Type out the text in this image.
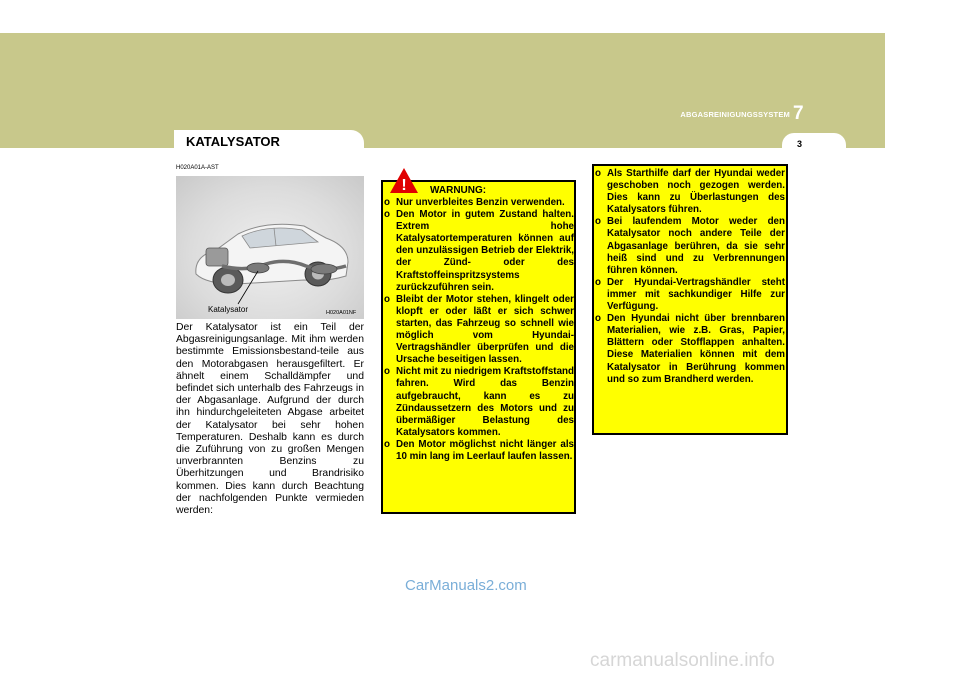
ABGASREINIGUNGSSYSTEM 7
3
KATALYSATOR
H020A01A-AST
Katalysator	H020A01NF
Der Katalysator ist ein Teil der Abgasreinigungsanlage. Mit ihm werden bestimmte Emissionsbestand-teile aus den Motorabgasen herausgefiltert. Er ähnelt einem Schalldämpfer und befindet sich unterhalb des Fahrzeugs in der Abgasanlage. Aufgrund der durch ihn hindurchgeleiteten Abgase arbeitet der Katalysator bei sehr hohen Temperaturen. Deshalb kann es durch die Zuführung von zu großen Mengen unverbrannten Benzins zu Überhitzungen und Brandrisiko kommen. Dies kann durch Beachtung der nachfolgenden Punkte vermieden werden:
! WARNUNG:
o Nur unverbleites Benzin verwenden.
o Den Motor in gutem Zustand halten. Extrem hohe Katalysatortemperaturen können auf den unzulässigen Betrieb der Elektrik, der Zünd- oder des Kraftstoffeinspritzsystems zurückzuführen sein.
o Bleibt der Motor stehen, klingelt oder klopft er oder läßt er sich schwer starten, das Fahrzeug so schnell wie möglich vom Hyundai-Vertragshändler überprüfen und die Ursache beseitigen lassen.
o Nicht mit zu niedrigem Kraftstoffstand fahren. Wird das Benzin aufgebraucht, kann es zu Zündaussetzern des Motors und zu übermäßiger Belastung des Katalysators kommen.
o Den Motor möglichst nicht länger als 10 min lang im Leerlauf laufen lassen.
o Als Starthilfe darf der Hyundai weder geschoben noch gezogen werden. Dies kann zu Überlastungen des Katalysators führen.
o Bei laufendem Motor weder den Katalysator noch andere Teile der Abgasanlage berühren, da sie sehr heiß sind und zu Verbrennungen führen können.
o Der Hyundai-Vertragshändler steht immer mit sachkundiger Hilfe zur Verfügung.
o Den Hyundai nicht über brennbaren Materialien, wie z.B. Gras, Papier, Blättern oder Stofflappen anhalten. Diese Materialien können mit dem Katalysator in Berührung kommen und so zum Brandherd werden.
CarManuals2.com
carmanualsonline.info
